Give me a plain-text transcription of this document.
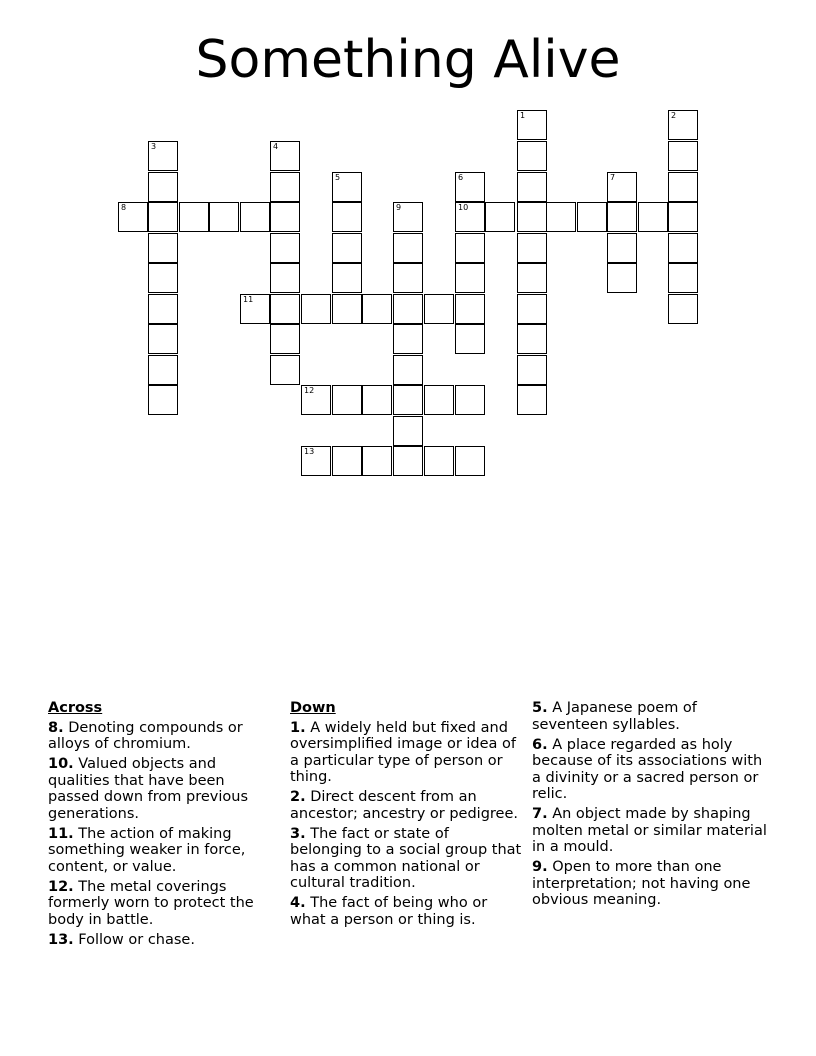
Something Alive
1	2
3	4
5	6
10
7
8	9
11
12
13
Across
8. Denoting compounds or alloys of chromium.
10. Valued objects and qualities that have been passed down from previous generations.
11. The action of making something weaker in force, content, or value.
12. The metal coverings formerly worn to protect the body in battle.
13. Follow or chase.
Down
1. A widely held but fixed and oversimplified image or idea of a particular type of person or thing.
2. Direct descent from an ancestor; ancestry or pedigree.
3. The fact or state of belonging to a social group that has a common national or cultural tradition.
4. The fact of being who or what a person or thing is.
5. A Japanese poem of seventeen syllables.
6. A place regarded as holy because of its associations with a divinity or a sacred person or relic.
7. An object made by shaping molten metal or similar material in a mould.
9. Open to more than one interpretation; not having one obvious meaning.
